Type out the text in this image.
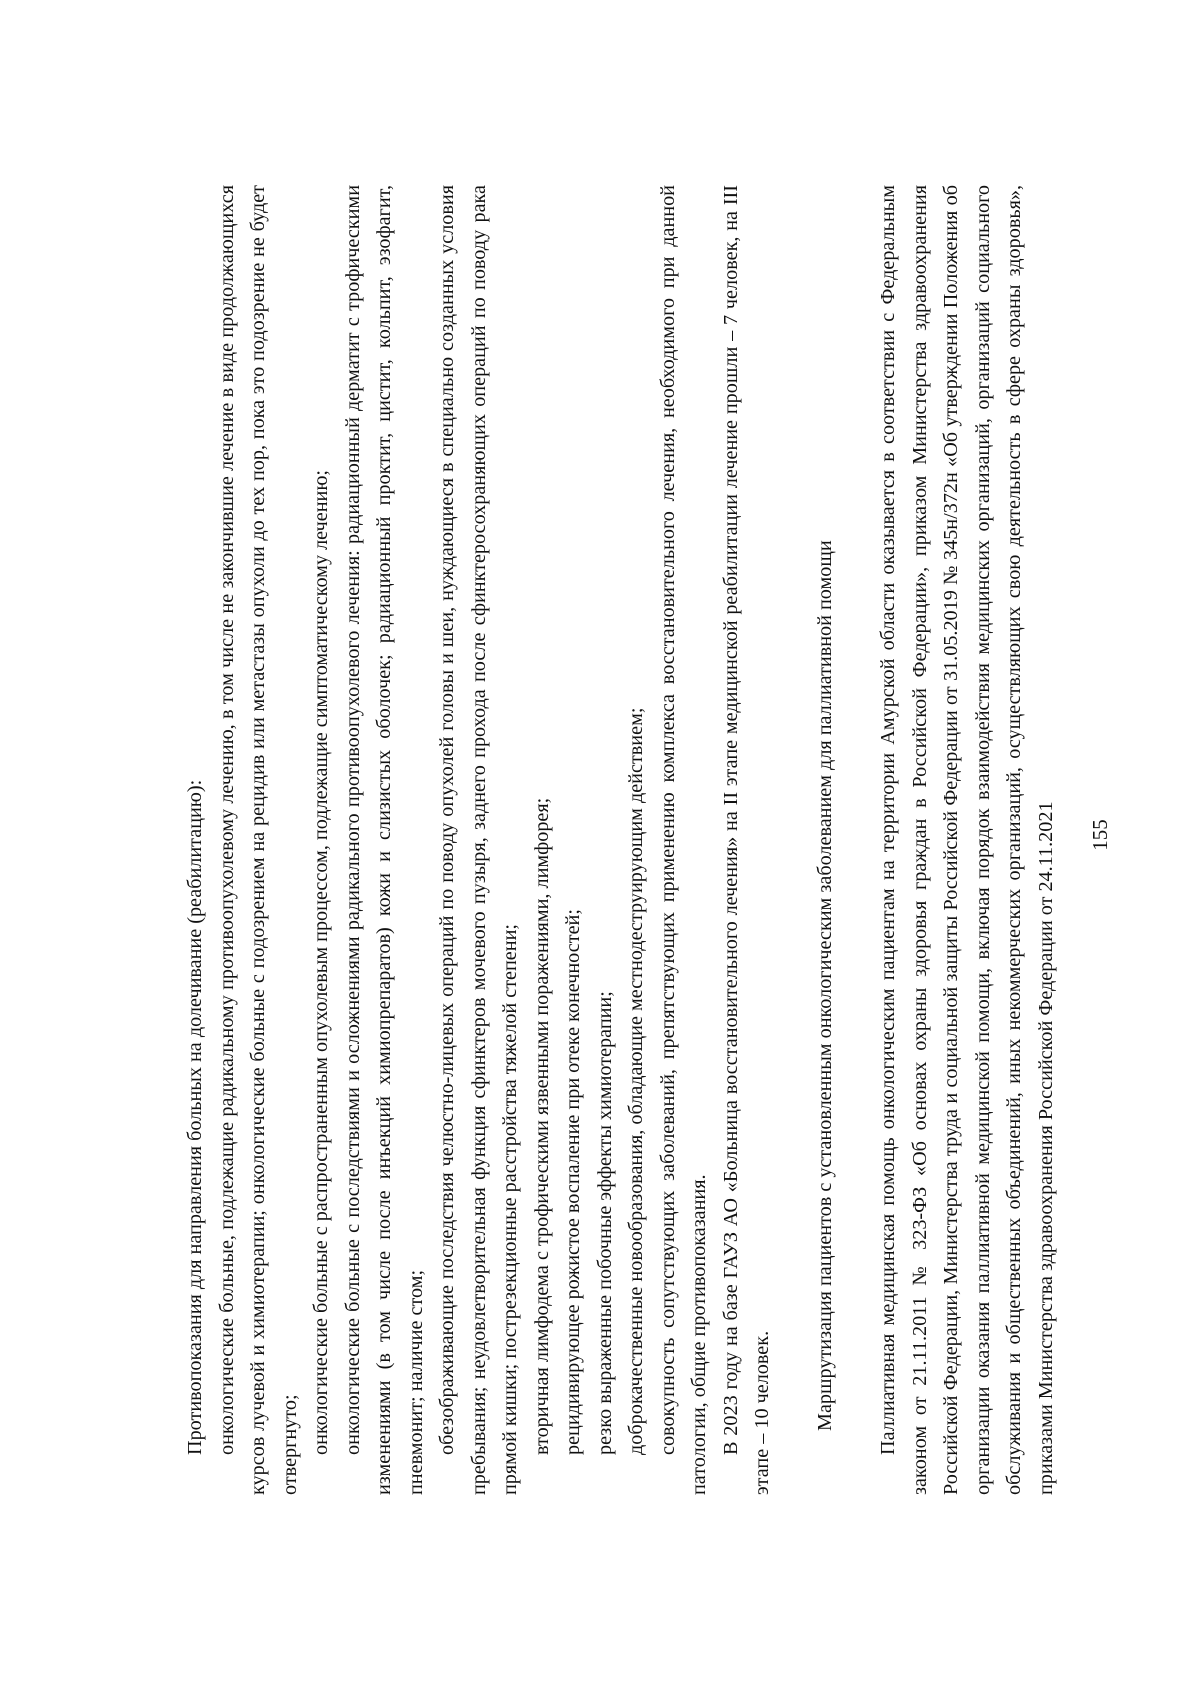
155

Противопоказания для направления больных на долечивание (реабилитацию): онкологические больные, подлежащие радикальному противоопухолевому лечению, в том числе не закончившие лечение в виде продолжающихся курсов лучевой и химиотерапии; онкологические больные с подозрением на рецидив или метастазы опухоли до тех пор, пока это подозрение не будет отвергнуто; онкологические больные с распространенным опухолевым процессом, подлежащие симптоматическому лечению; онкологические больные с последствиями и осложнениями радикального противоопухолевого лечения: радиационный дерматит с трофическими изменениями (в том числе после инъекций химиопрепаратов) кожи и слизистых оболочек; радиационный проктит, цистит, кольпит, эзофагит, пневмонит; наличие стом; обезображивающие последствия челюстно-лицевых операций по поводу опухолей головы и шеи, нуждающиеся в специально созданных условия пребывания; неудовлетворительная функция сфинктеров мочевого пузыря, заднего прохода после сфинктеросохраняющих операций по поводу рака прямой кишки; пострезекционные расстройства тяжелой степени; вторичная лимфодема с трофическими язвенными поражениями, лимфорея; рецидивирующее рожистое воспаление при отеке конечностей; резко выраженные побочные эффекты химиотерапии; доброкачественные новообразования, обладающие местнодеструирующим действием; совокупность сопутствующих заболеваний, препятствующих применению комплекса восстановительного лечения, необходимого при данной патологии, общие противопоказания. В 2023 году на базе ГАУЗ АО «Больница восстановительного лечения» на II этапе медицинской реабилитации лечение прошли – 7 человек, на III этапе – 10 человек. Маршрутизация пациентов с установленным онкологическим заболеванием для паллиативной помощи Паллиативная медицинская помощь онкологическим пациентам на территории Амурской области оказывается в соответствии с Федеральным законом от 21.11.2011 № 323-ФЗ «Об основах охраны здоровья граждан в Российской Федерации», приказом Министерства здравоохранения Российской Федерации, Министерства труда и социальной защиты Российской Федерации от 31.05.2019 № 345н/372н «Об утверждении Положения об организации оказания паллиативной медицинской помощи, включая порядок взаимодействия медицинских организаций, организаций социального обслуживания и общественных объединений, иных некоммерческих организаций, осуществляющих свою деятельность в сфере охраны здоровья», приказами Министерства здравоохранения Российской Федерации от 24.11.2021
